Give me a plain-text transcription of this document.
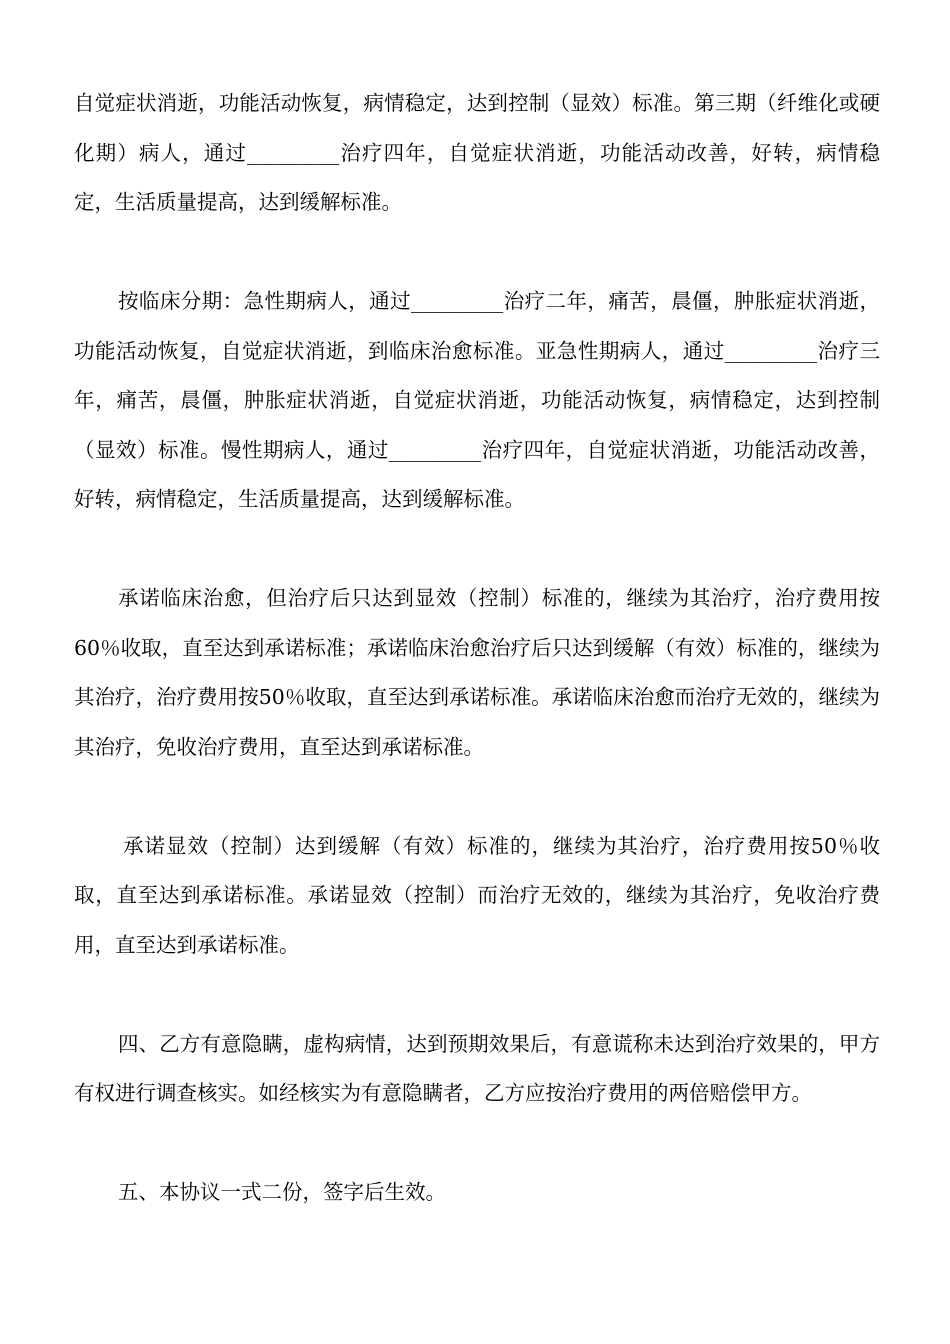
自觉症状消逝，功能活动恢复，病情稳定，达到控制（显效）标准。第三期（纤维化或硬化期）病人，通过_________治疗四年，自觉症状消逝，功能活动改善，好转，病情稳定，生活质量提高，达到缓解标准。

按临床分期：急性期病人，通过_________治疗二年，痛苦，晨僵，肿胀症状消逝，功能活动恢复，自觉症状消逝，到临床治愈标准。亚急性期病人，通过_________治疗三年，痛苦，晨僵，肿胀症状消逝，自觉症状消逝，功能活动恢复，病情稳定，达到控制（显效）标准。慢性期病人，通过_________治疗四年，自觉症状消逝，功能活动改善，好转，病情稳定，生活质量提高，达到缓解标准。

承诺临床治愈，但治疗后只达到显效（控制）标准的，继续为其治疗，治疗费用按60％收取，直至达到承诺标准；承诺临床治愈治疗后只达到缓解（有效）标准的，继续为其治疗，治疗费用按50％收取，直至达到承诺标准。承诺临床治愈而治疗无效的，继续为其治疗，免收治疗费用，直至达到承诺标准。

承诺显效（控制）达到缓解（有效）标准的，继续为其治疗，治疗费用按50％收取，直至达到承诺标准。承诺显效（控制）而治疗无效的，继续为其治疗，免收治疗费用，直至达到承诺标准。

四、乙方有意隐瞒，虚构病情，达到预期效果后，有意谎称未达到治疗效果的，甲方有权进行调查核实。如经核实为有意隐瞒者，乙方应按治疗费用的两倍赔偿甲方。

五、本协议一式二份，签字后生效。
